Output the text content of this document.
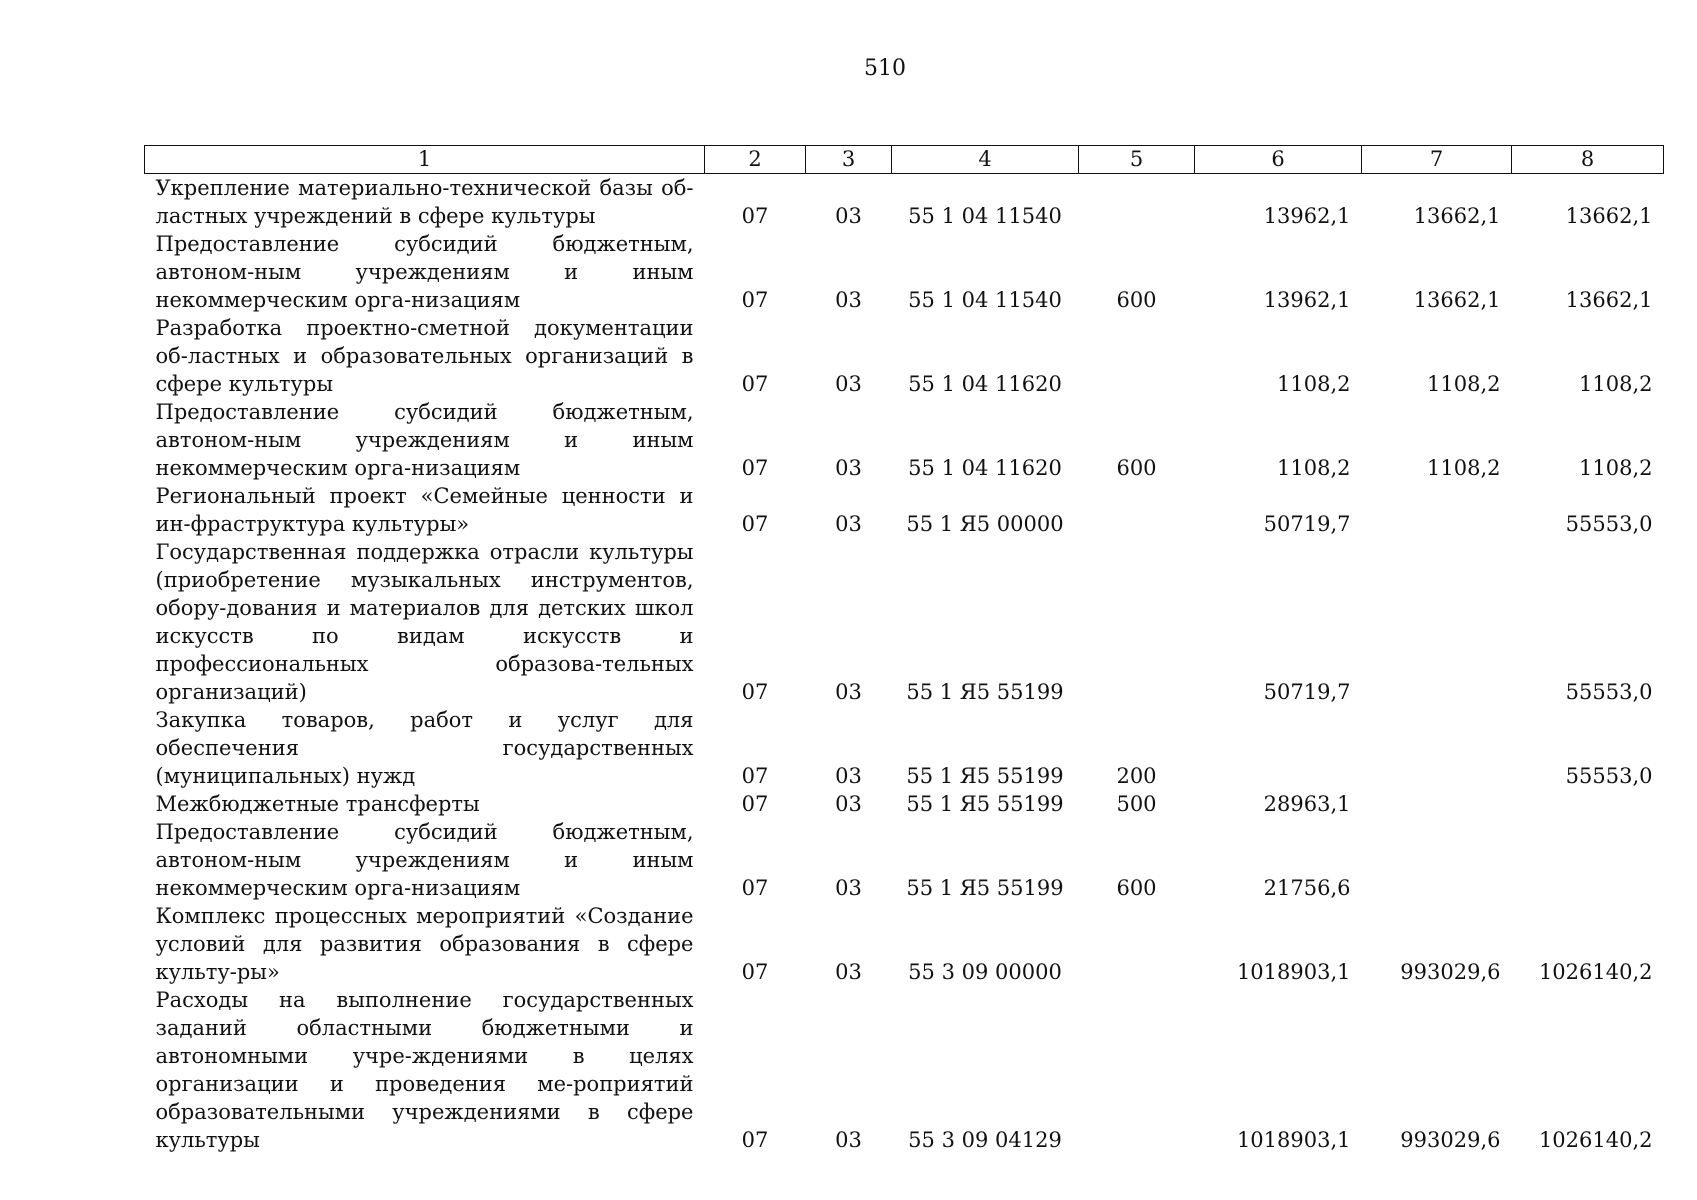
510
1	2	3	4	5	6	7	8
Укрепление материально-технической базы об-ластных учреждений в сфере культуры	07	03	55 1 04 11540		13962,1	13662,1	13662,1
Предоставление субсидий бюджетным, автоном-ным учреждениям и иным некоммерческим орга-низациям	07	03	55 1 04 11540	600	13962,1	13662,1	13662,1
Разработка проектно-сметной документации об-ластных и образовательных организаций в сфере культуры	07	03	55 1 04 11620		1108,2	1108,2	1108,2
Предоставление субсидий бюджетным, автоном-ным учреждениям и иным некоммерческим орга-низациям	07	03	55 1 04 11620	600	1108,2	1108,2	1108,2
Региональный проект «Семейные ценности и ин-фраструктура культуры»	07	03	55 1 Я5 00000		50719,7		55553,0
Государственная поддержка отрасли культуры (приобретение музыкальных инструментов, обору-дования и материалов для детских школ искусств по видам искусств и профессиональных образова-тельных организаций)	07	03	55 1 Я5 55199		50719,7		55553,0
Закупка товаров, работ и услуг для обеспечения государственных (муниципальных) нужд	07	03	55 1 Я5 55199	200			55553,0
Межбюджетные трансферты	07	03	55 1 Я5 55199	500	28963,1		
Предоставление субсидий бюджетным, автоном-ным учреждениям и иным некоммерческим орга-низациям	07	03	55 1 Я5 55199	600	21756,6		
Комплекс процессных мероприятий «Создание условий для развития образования в сфере культу-ры»	07	03	55 3 09 00000		1018903,1	993029,6	1026140,2
Расходы на выполнение государственных заданий областными бюджетными и автономными учре-ждениями в целях организации и проведения ме-роприятий образовательными учреждениями в сфере культуры	07	03	55 3 09 04129		1018903,1	993029,6	1026140,2
